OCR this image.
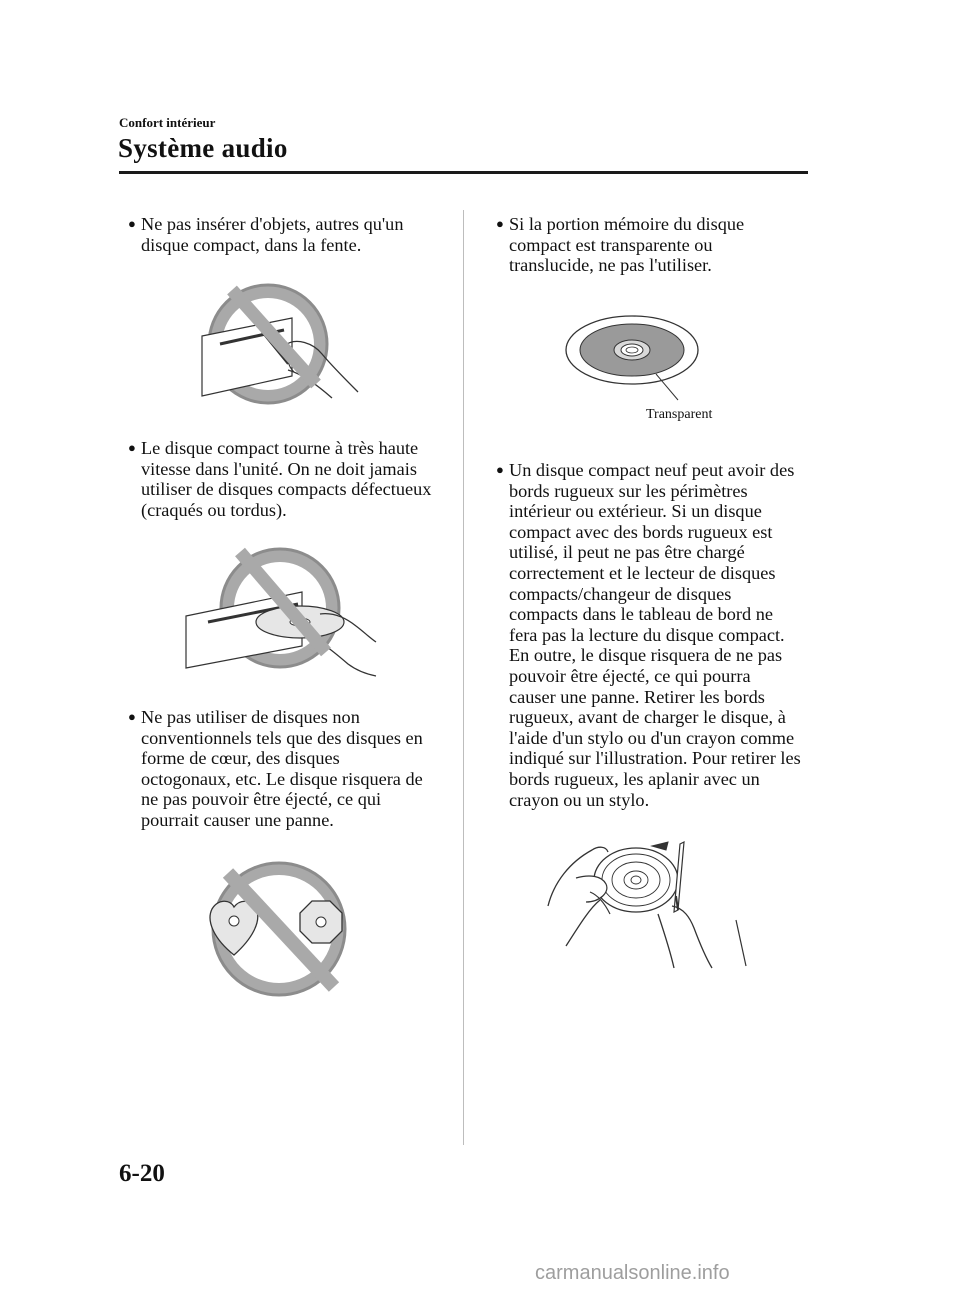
Confort intérieur
Système audio
● Ne pas insérer d'objets, autres qu'un
disque compact, dans la fente.
● Le disque compact tourne à très haute
vitesse dans l'unité. On ne doit jamais
utiliser de disques compacts défectueux
(craqués ou tordus).
● Ne pas utiliser de disques non
conventionnels tels que des disques en
forme de cœur, des disques
octogonaux, etc. Le disque risquera de
ne pas pouvoir être éjecté, ce qui
pourrait causer une panne.
● Si la portion mémoire du disque
compact est transparente ou
translucide, ne pas l'utiliser.
Transparent
● Un disque compact neuf peut avoir des
bords rugueux sur les périmètres
intérieur ou extérieur. Si un disque
compact avec des bords rugueux est
utilisé, il peut ne pas être chargé
correctement et le lecteur de disques
compacts/changeur de disques
compacts dans le tableau de bord ne
fera pas la lecture du disque compact.
En outre, le disque risquera de ne pas
pouvoir être éjecté, ce qui pourra
causer une panne. Retirer les bords
rugueux, avant de charger le disque, à
l'aide d'un stylo ou d'un crayon comme
indiqué sur l'illustration. Pour retirer les
bords rugueux, les aplanir avec un
crayon ou un stylo.
6-20
carmanualsonline.info
